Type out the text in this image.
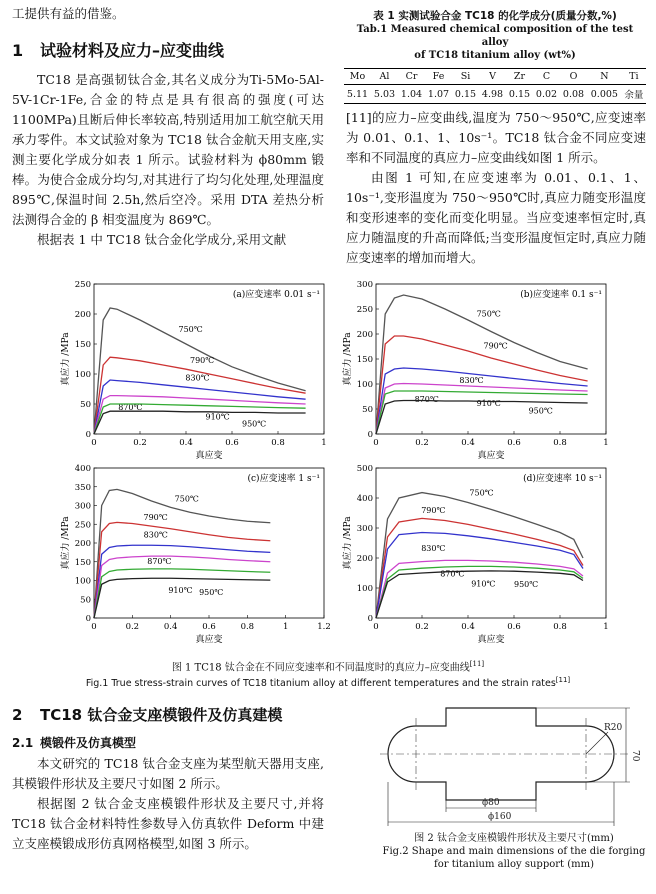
工提供有益的借鉴。

1 试验材料及应力–应变曲线

TC18 是高强韧钛合金,其名义成分为Ti-5Mo-5Al-5V-1Cr-1Fe,合金的特点是具有很高的强度(可达 1100MPa)且断后伸长率较高,特别适用加工航空航天用承力零件。本文试验对象为 TC18 钛合金航天用支座,实测主要化学成分如表 1 所示。试验材料为 ϕ80mm 锻棒。为使合金成分均匀,对其进行了均匀化处理,处理温度 895℃,保温时间 2.5h,然后空冷。采用 DTA 差热分析法测得合金的 β 相变温度为 869℃。

根据表 1 中 TC18 钛合金化学成分,采用文献

表 1 实测试验合金 TC18 的化学成分(质量分数,%)
Tab.1 Measured chemical composition of the test alloy
of TC18 titanium alloy (wt%)
Mo	Al	Cr	Fe	Si	V	Zr	C	O	N	Ti
5.11	5.03	1.04	1.07	0.15	4.98	0.15	0.02	0.08	0.005	余量

[11]的应力–应变曲线,温度为 750～950℃,应变速率为 0.01、0.1、1、10s⁻¹。TC18 钛合金不同应变速率和不同温度的真应力–应变曲线如图 1 所示。

由图 1 可知,在应变速率为 0.01、0.1、1、10s⁻¹,变形温度为 750～950℃时,真应力随变形温度和变形速率的变化而变化明显。当应变速率恒定时,真应力随温度的升高而降低;当变形温度恒定时,真应力随应变速率的增加而增大。

0	0.2	0.4	0.6	0.8	1
0
50
100
150
200
250
真应变
真应力 /MPa
(a)应变速率 0.01 s⁻¹
750℃
790℃
830℃
870℃
910℃
950℃
0	0.2	0.4	0.6	0.8	1
0
50
100
150
200
250
300
真应变
真应力 /MPa
(b)应变速率 0.1 s⁻¹
750℃
790℃
830℃
870℃	910℃
950℃
0	0.2	0.4	0.6	0.8	1	1.2
0
50
100
150
200
250
300
350
400
真应变
真应力 /MPa
(c)应变速率 1 s⁻¹
750℃
790℃
830℃
870℃
910℃ 950℃
0	0.2	0.4	0.6	0.8	1
0
100
200
300
400
500
真应变
真应力 /MPa
(d)应变速率 10 s⁻¹
750℃
790℃
830℃
870℃
910℃ 950℃
图 1 TC18 钛合金在不同应变速率和不同温度时的真应力–应变曲线[11]
Fig.1 True stress-strain curves of TC18 titanium alloy at different temperatures and the strain rates[11]
2 TC18 钛合金支座模锻件及仿真建模
2.1 模锻件及仿真模型

本文研究的 TC18 钛合金支座为某型航天器用支座,其模锻件形状及主要尺寸如图 2 所示。

根据图 2 钛合金支座模锻件形状及主要尺寸,并将 TC18 钛合金材料特性参数导入仿真软件 Deform 中建立支座模锻成形仿真网格模型,如图 3 所示。

R20
70
ϕ80
ϕ160
图 2 钛合金支座模锻件形状及主要尺寸(mm)
Fig.2 Shape and main dimensions of the die forging
for titanium alloy support (mm)
